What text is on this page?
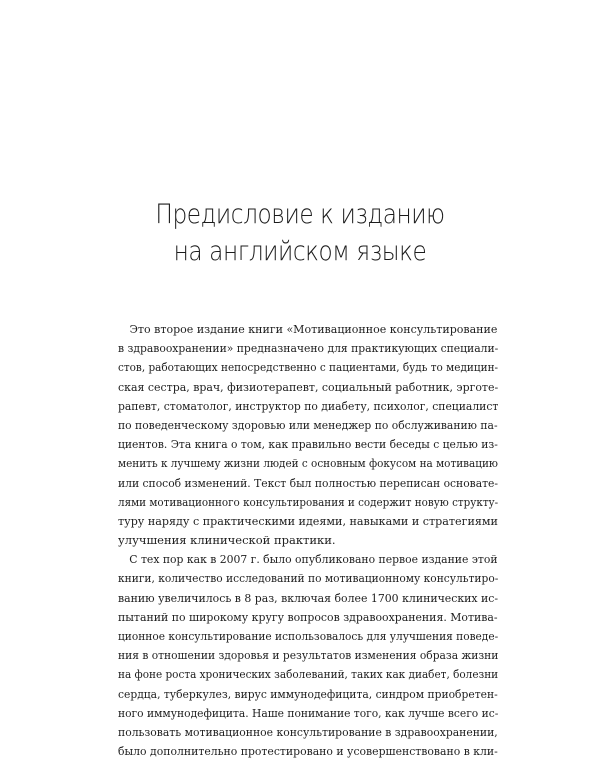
Предисловие к изданию
на английском языке
Это второе издание книги «Мотивационное консультирование
в здравоохранении» предназначено для практикующих специали-
стов, работающих непосредственно с пациентами, будь то медицин-
ская сестра, врач, физиотерапевт, социальный работник, эрготе-
рапевт, стоматолог, инструктор по диабету, психолог, специалист
по поведенческому здоровью или менеджер по обслуживанию па-
циентов. Эта книга о том, как правильно вести беседы с целью из-
менить к лучшему жизни людей с основным фокусом на мотивацию
или способ изменений. Текст был полностью переписан основате-
лями мотивационного консультирования и содержит новую структу-
туру наряду с практическими идеями, навыками и стратегиями
улучшения клинической практики.
С тех пор как в 2007 г. было опубликовано первое издание этой
книги, количество исследований по мотивационному консультиро-
ванию увеличилось в 8 раз, включая более 1700 клинических ис-
пытаний по широкому кругу вопросов здравоохранения. Мотива-
ционное консультирование использовалось для улучшения поведе-
ния в отношении здоровья и результатов изменения образа жизни
на фоне роста хронических заболеваний, таких как диабет, болезни
сердца, туберкулез, вирус иммунодефицита, синдром приобретен-
ного иммунодефицита. Наше понимание того, как лучше всего ис-
пользовать мотивационное консультирование в здравоохранении,
было дополнительно протестировано и усовершенствовано в кли-
